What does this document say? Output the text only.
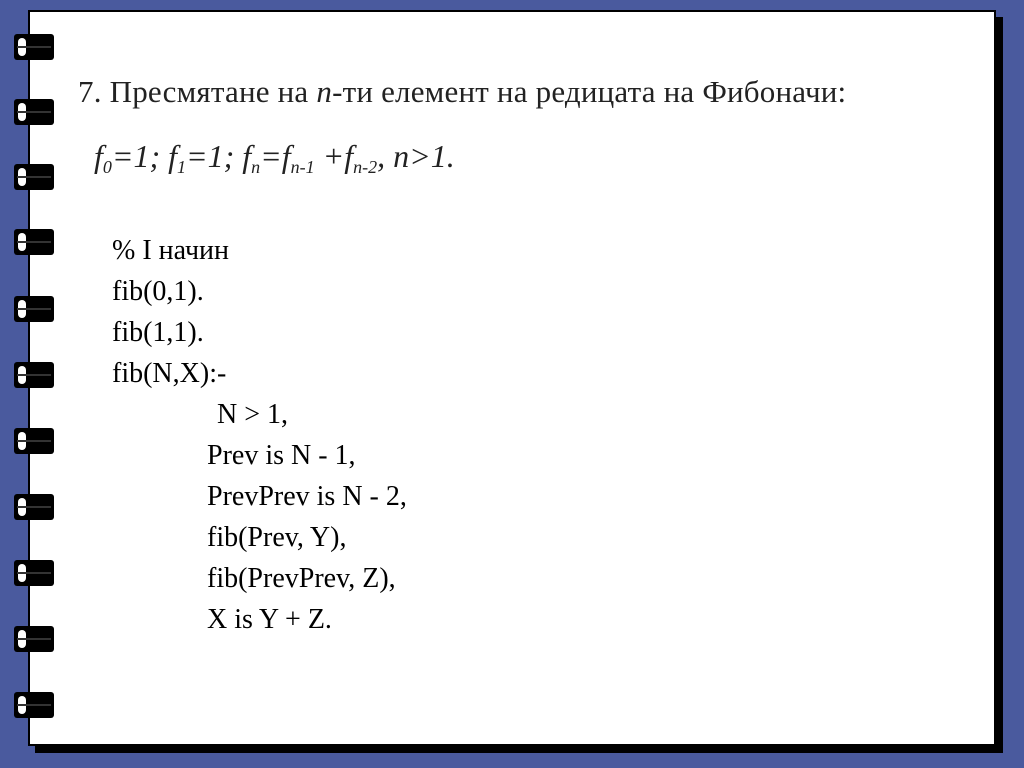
7. Пресмятане на n-ти елемент на редицата на Фибоначи:
$f_0=1$; $f_1=1$; $f_n=f_{n-1} +f_{n-2}$, n>1.
% I начин
fib(0,1).
fib(1,1).
fib(N,X):-
N > 1,
Prev is N - 1,
PrevPrev is N - 2,
fib(Prev, Y),
fib(PrevPrev, Z),
X is Y + Z.
